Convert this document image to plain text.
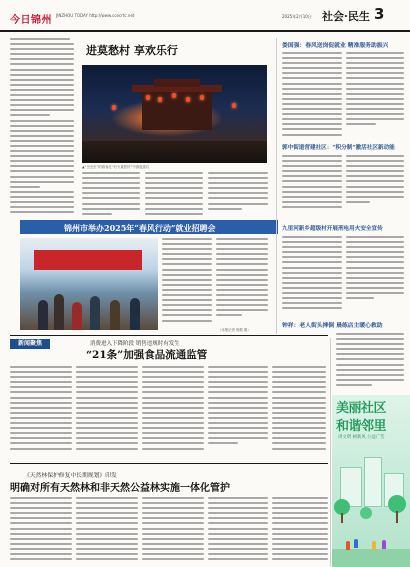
今日锦州 JINZHOU TODAY http://www.ccecrtc.net	2025年2月10日 社会·民生 3
进莫愁村 享欢乐行
▲“虫虫虫”的游客在“灯火莫愁村”中游逛赏灯
锦州市举办2025年“春风行动”就业招聘会
（本报记者 倪敬 摄）
新闻聚焦	消费进入下降阶段 销售违规时有发生
“21条”加强食品流通监管
《天然林保护修复中长期规划》印发
明确对所有天然林和非天然公益林实施一体化管护
娄国强：春风送岗促就业 精准服务助振兴
郭中街道营建社区：“积分制”激活社区新动能
九里河新乡超级村开展刑电用火安全宣传
钟祥：老人街头摔倒 晨练店主暖心救助
美丽社区
和谐邻里
讲文明 树新风 公益广告
